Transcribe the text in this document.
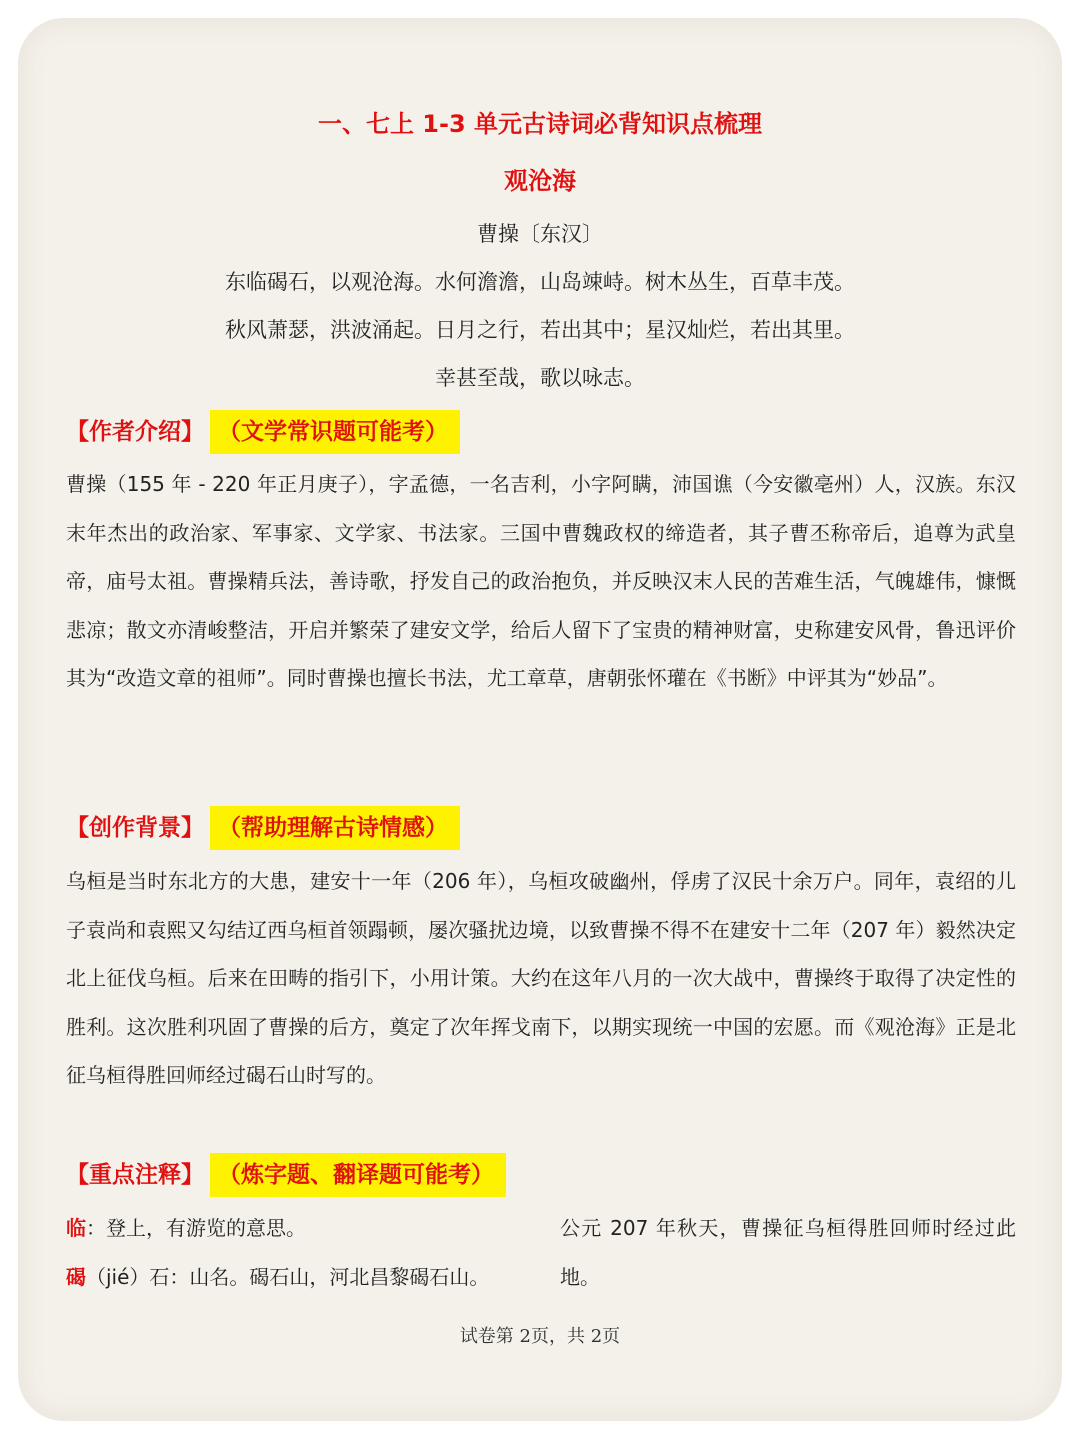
一、七上 1-3 单元古诗词必背知识点梳理
观沧海
曹操〔东汉〕
东临碣石，以观沧海。水何澹澹，山岛竦峙。树木丛生，百草丰茂。
秋风萧瑟，洪波涌起。日月之行，若出其中；星汉灿烂，若出其里。
幸甚至哉，歌以咏志。
【作者介绍】 （文学常识题可能考）

曹操（155 年 - 220 年正月庚子），字孟德，一名吉利，小字阿瞒，沛国谯（今安徽亳州）人，汉族。东汉末年杰出的政治家、军事家、文学家、书法家。三国中曹魏政权的缔造者，其子曹丕称帝后，追尊为武皇帝，庙号太祖。曹操精兵法，善诗歌，抒发自己的政治抱负，并反映汉末人民的苦难生活，气魄雄伟，慷慨悲凉；散文亦清峻整洁，开启并繁荣了建安文学，给后人留下了宝贵的精神财富，史称建安风骨，鲁迅评价其为“改造文章的祖师”。同时曹操也擅长书法，尤工章草，唐朝张怀瓘在《书断》中评其为“妙品”。

【创作背景】 （帮助理解古诗情感）

乌桓是当时东北方的大患，建安十一年（206 年），乌桓攻破幽州，俘虏了汉民十余万户。同年，袁绍的儿子袁尚和袁熙又勾结辽西乌桓首领蹋顿，屡次骚扰边境，以致曹操不得不在建安十二年（207 年）毅然决定北上征伐乌桓。后来在田畴的指引下，小用计策。大约在这年八月的一次大战中，曹操终于取得了决定性的胜利。这次胜利巩固了曹操的后方，奠定了次年挥戈南下，以期实现统一中国的宏愿。而《观沧海》正是北征乌桓得胜回师经过碣石山时写的。

【重点注释】 （炼字题、翻译题可能考）
临：登上，有游览的意思。
碣（jié）石：山名。碣石山，河北昌黎碣石山。
公元 207 年秋天，曹操征乌桓得胜回师时经过此地。
试卷第 2页，共 2页
